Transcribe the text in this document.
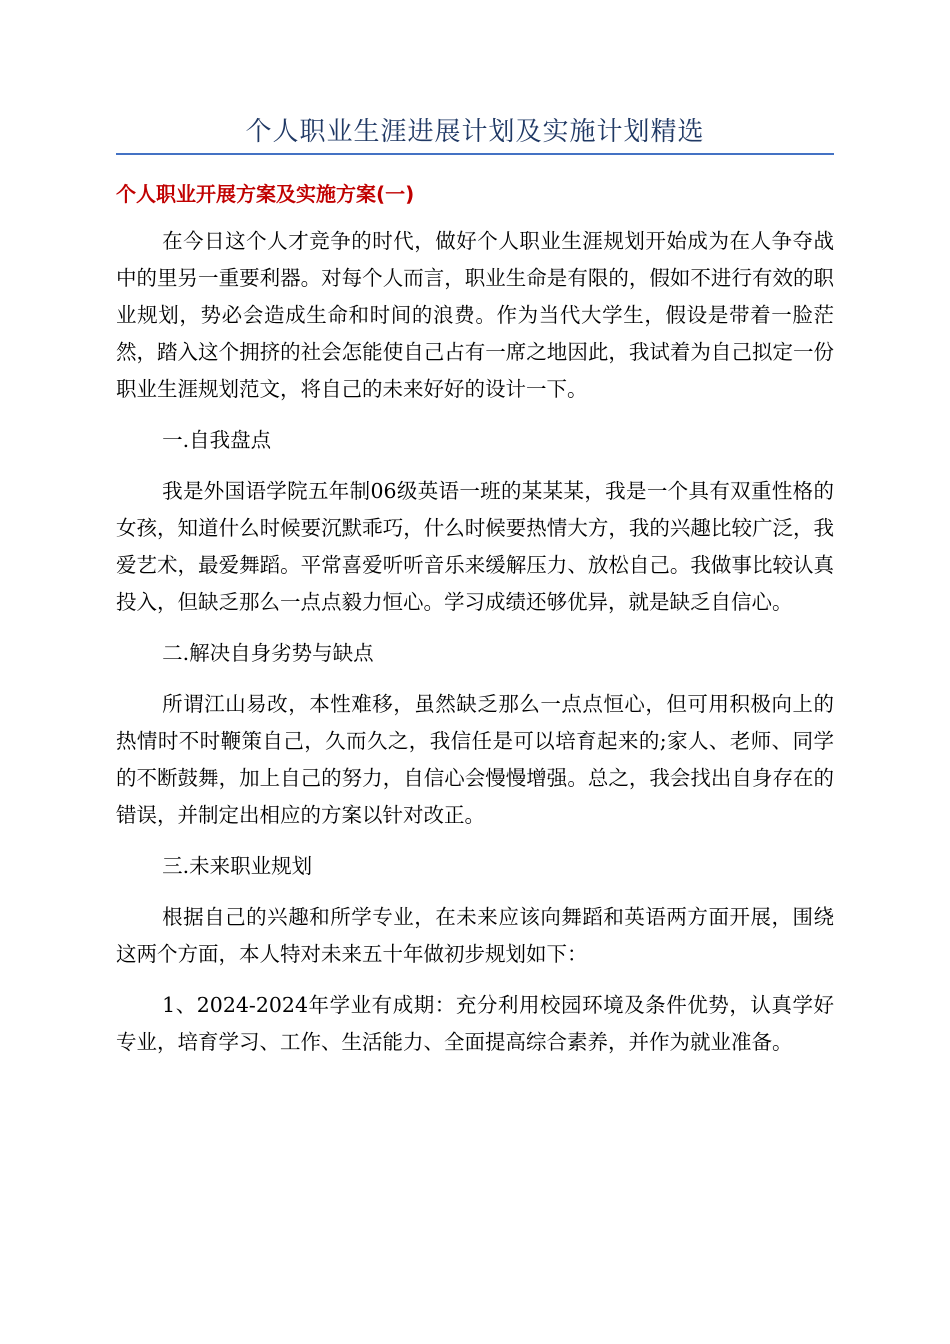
个人职业生涯进展计划及实施计划精选
个人职业开展方案及实施方案(一)

在今日这个人才竞争的时代，做好个人职业生涯规划开始成为在人争夺战中的里另一重要利器。对每个人而言，职业生命是有限的，假如不进行有效的职业规划，势必会造成生命和时间的浪费。作为当代大学生，假设是带着一脸茫然，踏入这个拥挤的社会怎能使自己占有一席之地因此，我试着为自己拟定一份职业生涯规划范文，将自己的未来好好的设计一下。

一.自我盘点

我是外国语学院五年制06级英语一班的某某某，我是一个具有双重性格的女孩，知道什么时候要沉默乖巧，什么时候要热情大方，我的兴趣比较广泛，我爱艺术，最爱舞蹈。平常喜爱听听音乐来缓解压力、放松自己。我做事比较认真投入，但缺乏那么一点点毅力恒心。学习成绩还够优异，就是缺乏自信心。

二.解决自身劣势与缺点

所谓江山易改，本性难移，虽然缺乏那么一点点恒心，但可用积极向上的热情时不时鞭策自己，久而久之，我信任是可以培育起来的;家人、老师、同学的不断鼓舞，加上自己的努力，自信心会慢慢增强。总之，我会找出自身存在的错误，并制定出相应的方案以针对改正。

三.未来职业规划

根据自己的兴趣和所学专业，在未来应该向舞蹈和英语两方面开展，围绕这两个方面，本人特对未来五十年做初步规划如下：

1、2024-2024年学业有成期：充分利用校园环境及条件优势，认真学好专业，培育学习、工作、生活能力、全面提高综合素养，并作为就业准备。
